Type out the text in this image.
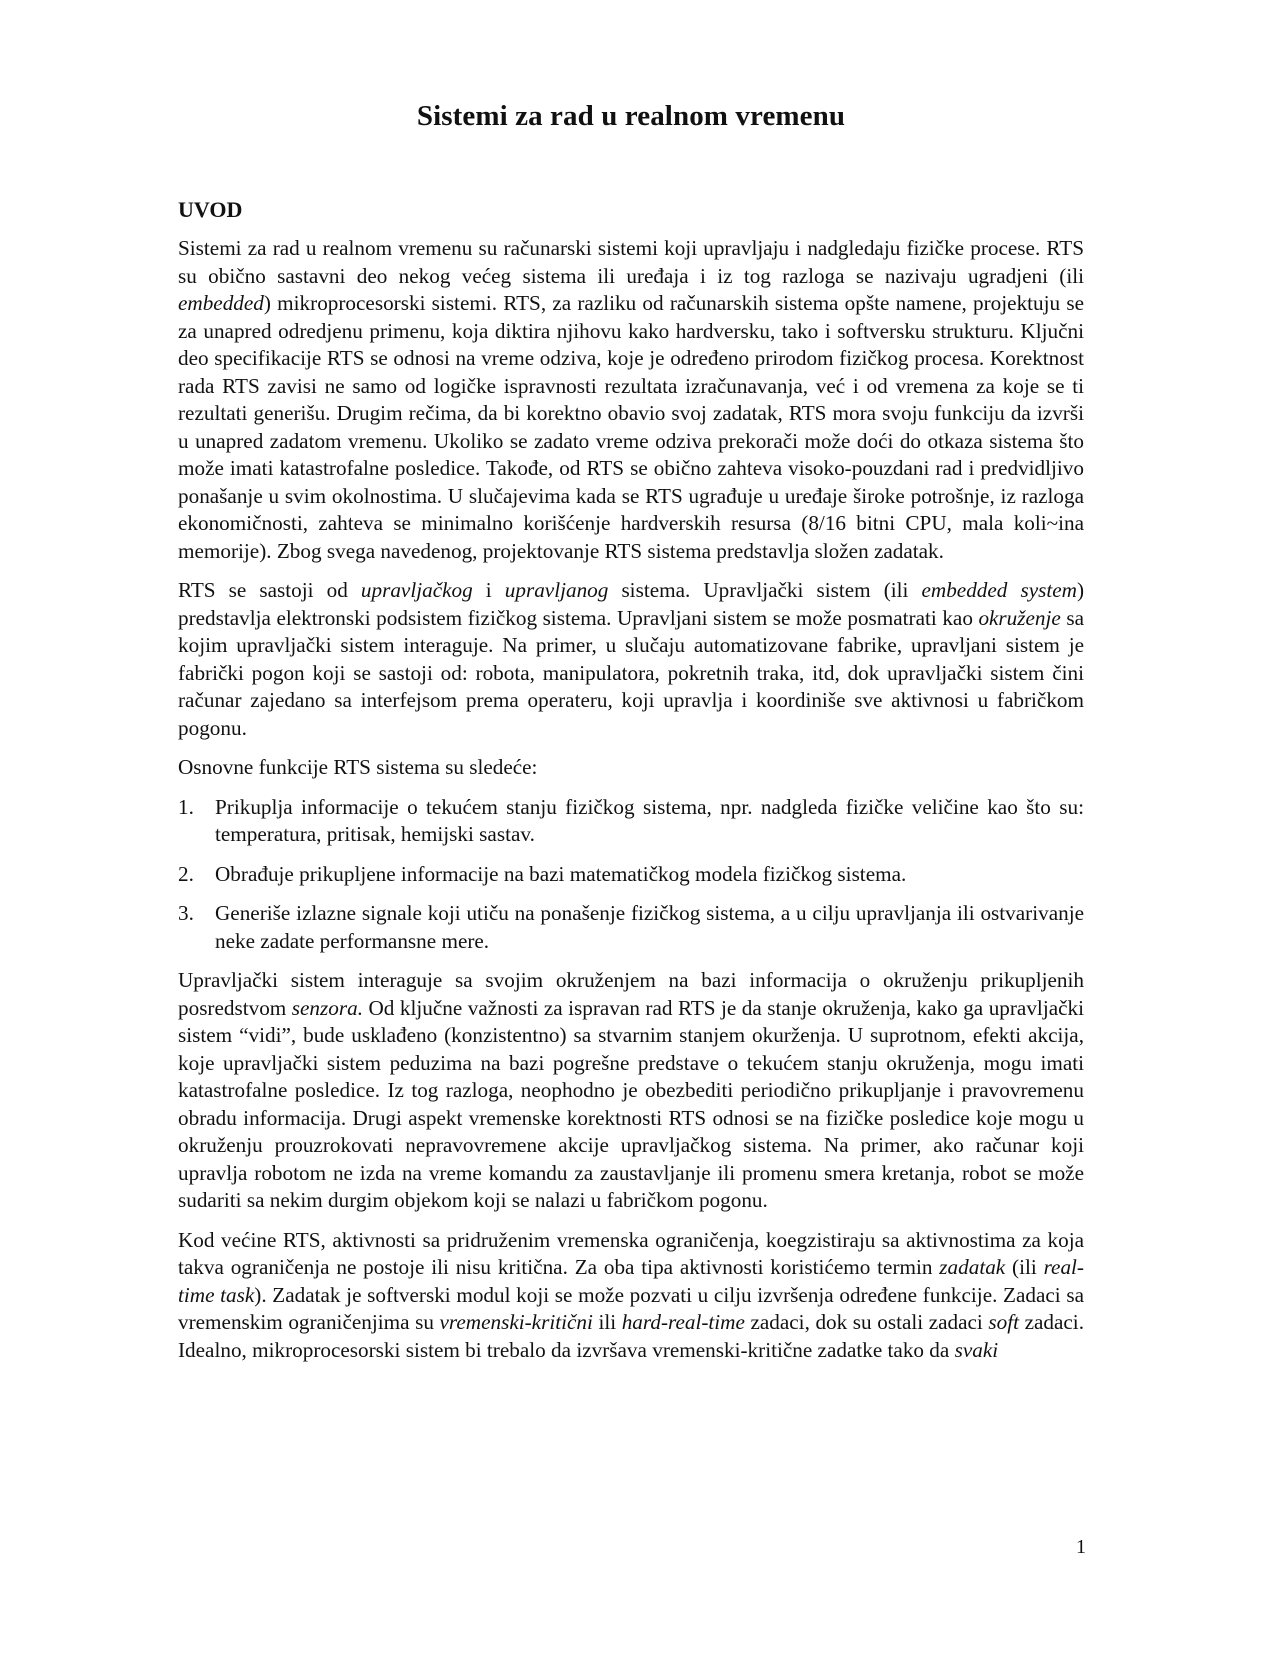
Sistemi za rad u realnom vremenu
UVOD

Sistemi za rad u realnom vremenu su računarski sistemi koji upravljaju i nadgledaju fizičke procese. RTS su obično sastavni deo nekog većeg sistema ili uređaja i iz tog razloga se nazivaju ugradjeni (ili embedded) mikroprocesorski sistemi. RTS, za razliku od računarskih sistema opšte namene, projektuju se za unapred odredjenu primenu, koja diktira njihovu kako hardversku, tako i softversku strukturu. Ključni deo specifikacije RTS se odnosi na vreme odziva, koje je određeno prirodom fizičkog procesa. Korektnost rada RTS zavisi ne samo od logičke ispravnosti rezultata izračunavanja, već i od vremena za koje se ti rezultati generišu. Drugim rečima, da bi korektno obavio svoj zadatak, RTS mora svoju funkciju da izvrši u unapred zadatom vremenu. Ukoliko se zadato vreme odziva prekorači može doći do otkaza sistema što može imati katastrofalne posledice. Takođe, od RTS se obično zahteva visoko-pouzdani rad i predvidljivo ponašanje u svim okolnostima. U slučajevima kada se RTS ugrađuje u uređaje široke potrošnje, iz razloga ekonomičnosti, zahteva se minimalno korišćenje hardverskih resursa (8/16 bitni CPU, mala koli~ina memorije). Zbog svega navedenog, projektovanje RTS sistema predstavlja složen zadatak.

RTS se sastoji od upravljačkog i upravljanog sistema. Upravljački sistem (ili embedded system) predstavlja elektronski podsistem fizičkog sistema. Upravljani sistem se može posmatrati kao okruženje sa kojim upravljački sistem interaguje. Na primer, u slučaju automatizovane fabrike, upravljani sistem je fabrički pogon koji se sastoji od: robota, manipulatora, pokretnih traka, itd, dok upravljački sistem čini računar zajedano sa interfejsom prema operateru, koji upravlja i koordiniše sve aktivnosi u fabričkom pogonu.

Osnovne funkcije RTS sistema su sledeće:

1. Prikuplja informacije o tekućem stanju fizičkog sistema, npr. nadgleda fizičke veličine kao što su: temperatura, pritisak, hemijski sastav.
2. Obrađuje prikupljene informacije na bazi matematičkog modela fizičkog sistema.
3. Generiše izlazne signale koji utiču na ponašenje fizičkog sistema, a u cilju upravljanja ili ostvarivanje neke zadate performansne mere.

Upravljački sistem interaguje sa svojim okruženjem na bazi informacija o okruženju prikupljenih posredstvom senzora. Od ključne važnosti za ispravan rad RTS je da stanje okruženja, kako ga upravljački sistem “vidi”, bude usklađeno (konzistentno) sa stvarnim stanjem okurženja. U suprotnom, efekti akcija, koje upravljački sistem peduzima na bazi pogrešne predstave o tekućem stanju okruženja, mogu imati katastrofalne posledice. Iz tog razloga, neophodno je obezbediti periodično prikupljanje i pravovremenu obradu informacija. Drugi aspekt vremenske korektnosti RTS odnosi se na fizičke posledice koje mogu u okruženju prouzrokovati nepravovremene akcije upravljačkog sistema. Na primer, ako računar koji upravlja robotom ne izda na vreme komandu za zaustavljanje ili promenu smera kretanja, robot se može sudariti sa nekim durgim objekom koji se nalazi u fabričkom pogonu.

Kod većine RTS, aktivnosti sa pridruženim vremenska ograničenja, koegzistiraju sa aktivnostima za koja takva ograničenja ne postoje ili nisu kritična. Za oba tipa aktivnosti koristićemo termin zadatak (ili real-time task). Zadatak je softverski modul koji se može pozvati u cilju izvršenja određene funkcije. Zadaci sa vremenskim ograničenjima su vremenski-kritični ili hard-real-time zadaci, dok su ostali zadaci soft zadaci. Idealno, mikroprocesorski sistem bi trebalo da izvršava vremenski-kritične zadatke tako da svaki

1
